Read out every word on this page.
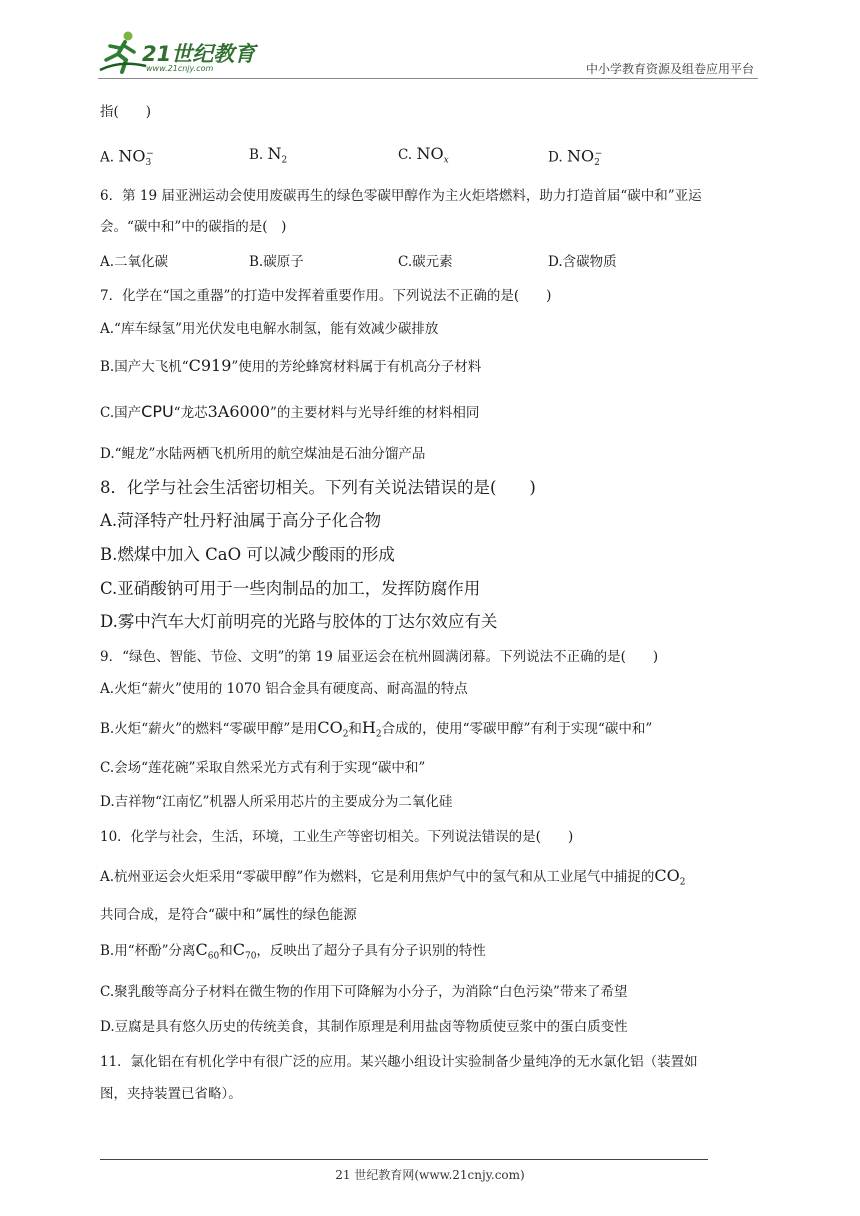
21世纪教育
www.21cnjy.com	中小学教育资源及组卷应用平台
指(　　)
A. $NO_3^-$	B. $N_2$	C. $NO_x$	D. $NO_2^-$
6．第 19 届亚洲运动会使用废碳再生的绿色零碳甲醇作为主火炬塔燃料，助力打造首届“碳中和”亚运
会。“碳中和”中的碳指的是(　)
A.二氧化碳	B.碳原子	C.碳元素	D.含碳物质
7．化学在“国之重器”的打造中发挥着重要作用。下列说法不正确的是(　　)
A.“库车绿氢”用光伏发电电解水制氢，能有效减少碳排放
B.国产大飞机“C919”使用的芳纶蜂窝材料属于有机高分子材料
C.国产CPU“龙芯3A6000”的主要材料与光导纤维的材料相同
D.“鲲龙”水陆两栖飞机所用的航空煤油是石油分馏产品
8．化学与社会生活密切相关。下列有关说法错误的是(　　)
A.菏泽特产牡丹籽油属于高分子化合物
B.燃煤中加入 CaO 可以减少酸雨的形成
C.亚硝酸钠可用于一些肉制品的加工，发挥防腐作用
D.雾中汽车大灯前明亮的光路与胶体的丁达尔效应有关
9．“绿色、智能、节俭、文明”的第 19 届亚运会在杭州圆满闭幕。下列说法不正确的是(　　)
A.火炬“薪火”使用的 1070 铝合金具有硬度高、耐高温的特点
B.火炬“薪火”的燃料“零碳甲醇”是用$CO_2$和$H_2$合成的，使用“零碳甲醇”有利于实现“碳中和”
C.会场“莲花碗”采取自然采光方式有利于实现“碳中和”
D.吉祥物“江南忆”机器人所采用芯片的主要成分为二氧化硅
10．化学与社会，生活，环境，工业生产等密切相关。下列说法错误的是(　　)
A.杭州亚运会火炬采用“零碳甲醇”作为燃料，它是利用焦炉气中的氢气和从工业尾气中捕捉的$CO_2$
共同合成，是符合“碳中和”属性的绿色能源
B.用“杯酚”分离$C_{60}$和$C_{70}$，反映出了超分子具有分子识别的特性
C.聚乳酸等高分子材料在微生物的作用下可降解为小分子，为消除“白色污染”带来了希望
D.豆腐是具有悠久历史的传统美食，其制作原理是利用盐卤等物质使豆浆中的蛋白质变性
11．氯化铝在有机化学中有很广泛的应用。某兴趣小组设计实验制备少量纯净的无水氯化铝（装置如
图，夹持装置已省略）。
21 世纪教育网(www.21cnjy.com)
